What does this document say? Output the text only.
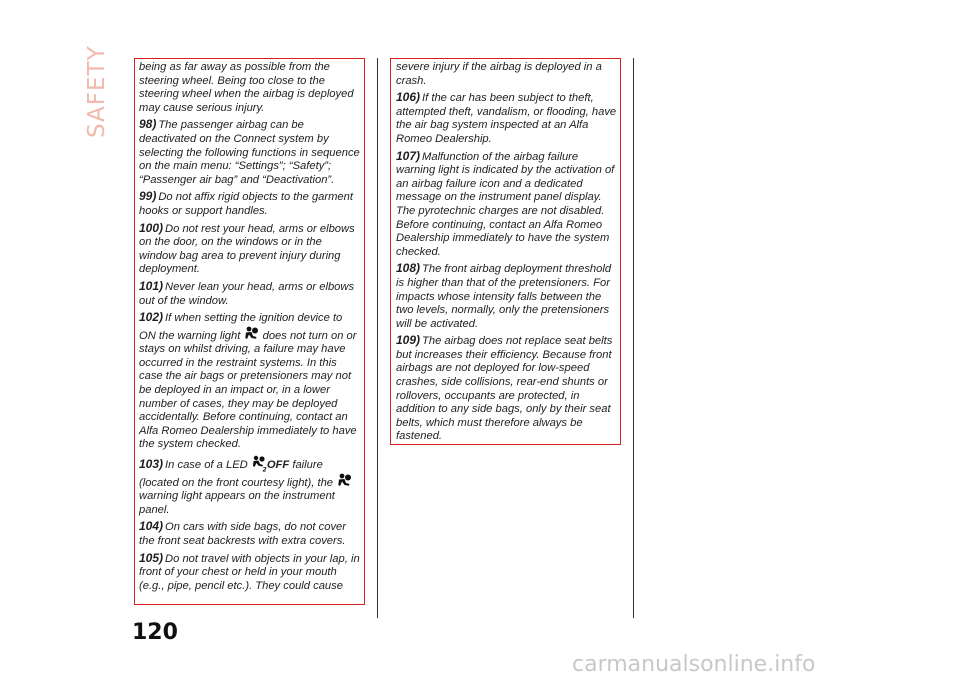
SAFETY	being as far away as possible from the steering wheel. Being too close to the steering wheel when the airbag is deployed may cause serious injury.

98) The passenger airbag can be deactivated on the Connect system by selecting the following functions in sequence on the main menu: “Settings”; “Safety”; “Passenger air bag” and “Deactivation”.

99) Do not affix rigid objects to the garment hooks or support handles.

100) Do not rest your head, arms or elbows on the door, on the windows or in the window bag area to prevent injury during deployment.

101) Never lean your head, arms or elbows out of the window.

102) If when setting the ignition device to ON the warning light does not turn on or stays on whilst driving, a failure may have occurred in the restraint systems. In this case the air bags or pretensioners may not be deployed in an impact or, in a lower number of cases, they may be deployed accidentally. Before continuing, contact an Alfa Romeo Dealership immediately to have the system checked.

103) In case of a LED 2 OFF failure (located on the front courtesy light), the  warning light appears on the instrument panel.

104) On cars with side bags, do not cover the front seat backrests with extra covers.

105) Do not travel with objects in your lap, in front of your chest or held in your mouth (e.g., pipe, pencil etc.). They could cause

severe injury if the airbag is deployed in a crash.

106) If the car has been subject to theft, attempted theft, vandalism, or flooding, have the air bag system inspected at an Alfa Romeo Dealership.

107) Malfunction of the airbag failure warning light is indicated by the activation of an airbag failure icon and a dedicated message on the instrument panel display. The pyrotechnic charges are not disabled. Before continuing, contact an Alfa Romeo Dealership immediately to have the system checked.

108) The front airbag deployment threshold is higher than that of the pretensioners. For impacts whose intensity falls between the two levels, normally, only the pretensioners will be activated.

109) The airbag does not replace seat belts but increases their efficiency. Because front airbags are not deployed for low-speed crashes, side collisions, rear-end shunts or rollovers, occupants are protected, in addition to any side bags, only by their seat belts, which must therefore always be fastened.

120
carmanualsonline.info
